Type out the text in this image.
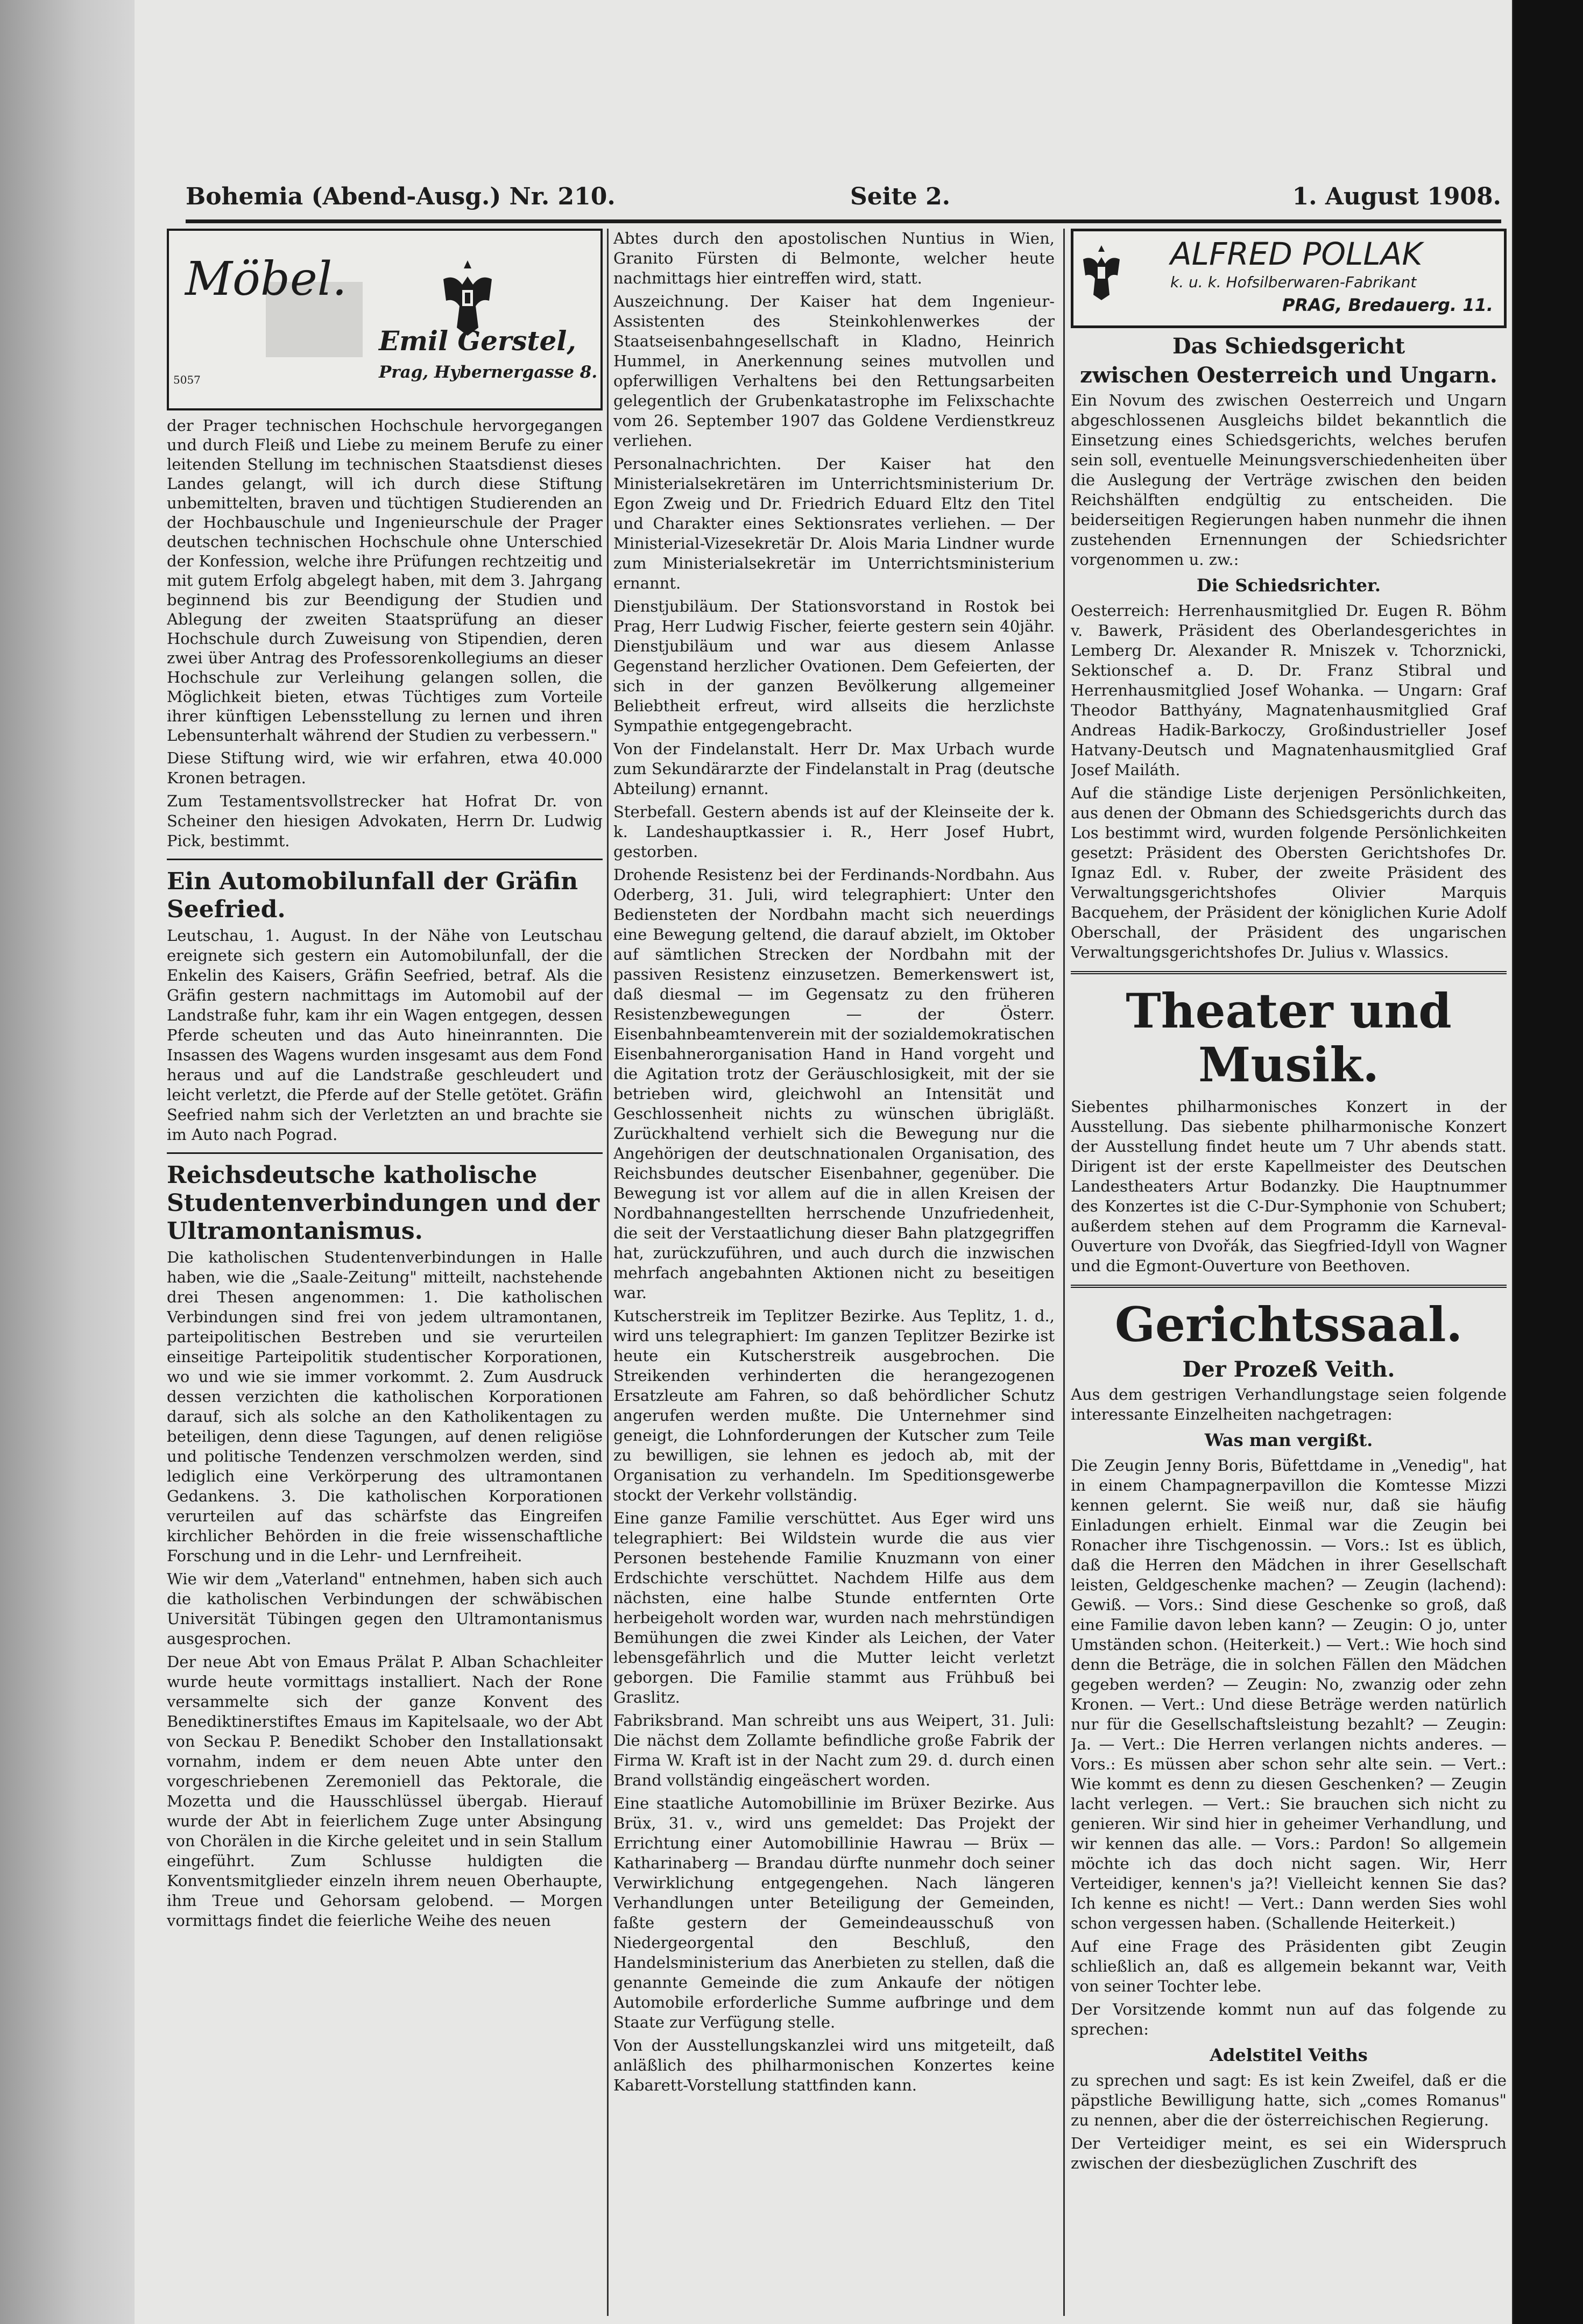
Bohemia (Abend-Ausg.) Nr. 210.	Seite 2.	1. August 1908.
Möbel.
Emil Gerstel,
Prag, Hybernergasse 8.
5057

der Prager technischen Hochschule hervorgegangen und durch Fleiß und Liebe zu meinem Berufe zu einer leitenden Stellung im technischen Staatsdienst dieses Landes gelangt, will ich durch diese Stiftung unbemittelten, braven und tüchtigen Studierenden an der Hochbauschule und Ingenieurschule der Prager deutschen technischen Hochschule ohne Unterschied der Konfession, welche ihre Prüfungen rechtzeitig und mit gutem Erfolg abgelegt haben, mit dem 3. Jahrgang beginnend bis zur Beendigung der Studien und Ablegung der zweiten Staatsprüfung an dieser Hochschule durch Zuweisung von Stipendien, deren zwei über Antrag des Professorenkollegiums an dieser Hochschule zur Verleihung gelangen sollen, die Möglichkeit bieten, etwas Tüchtiges zum Vorteile ihrer künftigen Lebensstellung zu lernen und ihren Lebensunterhalt während der Studien zu verbessern."

Diese Stiftung wird, wie wir erfahren, etwa 40.000 Kronen betragen.

Zum Testamentsvollstrecker hat Hofrat Dr. von Scheiner den hiesigen Advokaten, Herrn Dr. Ludwig Pick, bestimmt.

Ein Automobilunfall der Gräfin Seefried.

Leutschau, 1. August. In der Nähe von Leutschau ereignete sich gestern ein Automobilunfall, der die Enkelin des Kaisers, Gräfin Seefried, betraf. Als die Gräfin gestern nachmittags im Automobil auf der Landstraße fuhr, kam ihr ein Wagen entgegen, dessen Pferde scheuten und das Auto hineinrannten. Die Insassen des Wagens wurden insgesamt aus dem Fond heraus und auf die Landstraße geschleudert und leicht verletzt, die Pferde auf der Stelle getötet. Gräfin Seefried nahm sich der Verletzten an und brachte sie im Auto nach Pograd.

Reichsdeutsche katholische Studentenverbindungen und der Ultramontanismus.

Die katholischen Studentenverbindungen in Halle haben, wie die „Saale-Zeitung" mitteilt, nachstehende drei Thesen angenommen: 1. Die katholischen Verbindungen sind frei von jedem ultramontanen, parteipolitischen Bestreben und sie verurteilen einseitige Parteipolitik studentischer Korporationen, wo und wie sie immer vorkommt. 2. Zum Ausdruck dessen verzichten die katholischen Korporationen darauf, sich als solche an den Katholikentagen zu beteiligen, denn diese Tagungen, auf denen religiöse und politische Tendenzen verschmolzen werden, sind lediglich eine Verkörperung des ultramontanen Gedankens. 3. Die katholischen Korporationen verurteilen auf das schärfste das Eingreifen kirchlicher Behörden in die freie wissenschaftliche Forschung und in die Lehr- und Lernfreiheit.

Wie wir dem „Vaterland" entnehmen, haben sich auch die katholischen Verbindungen der schwäbischen Universität Tübingen gegen den Ultramontanismus ausgesprochen.

Der neue Abt von Emaus Prälat P. Alban Schachleiter wurde heute vormittags installiert. Nach der Rone versammelte sich der ganze Konvent des Benediktinerstiftes Emaus im Kapitelsaale, wo der Abt von Seckau P. Benedikt Schober den Installationsakt vornahm, indem er dem neuen Abte unter den vorgeschriebenen Zeremoniell das Pektorale, die Mozetta und die Hausschlüssel übergab. Hierauf wurde der Abt in feierlichem Zuge unter Absingung von Chorälen in die Kirche geleitet und in sein Stallum eingeführt. Zum Schlusse huldigten die Konventsmitglieder einzeln ihrem neuen Oberhaupte, ihm Treue und Gehorsam gelobend. — Morgen vormittags findet die feierliche Weihe des neuen

Abtes durch den apostolischen Nuntius in Wien, Granito Fürsten di Belmonte, welcher heute nachmittags hier eintreffen wird, statt.

Auszeichnung. Der Kaiser hat dem Ingenieur-Assistenten des Steinkohlenwerkes der Staatseisenbahngesellschaft in Kladno, Heinrich Hummel, in Anerkennung seines mutvollen und opferwilligen Verhaltens bei den Rettungsarbeiten gelegentlich der Grubenkatastrophe im Felixschachte vom 26. September 1907 das Goldene Verdienstkreuz verliehen.

Personalnachrichten. Der Kaiser hat den Ministerialsekretären im Unterrichtsministerium Dr. Egon Zweig und Dr. Friedrich Eduard Eltz den Titel und Charakter eines Sektionsrates verliehen. — Der Ministerial-Vizesekretär Dr. Alois Maria Lindner wurde zum Ministerialsekretär im Unterrichtsministerium ernannt.

Dienstjubiläum. Der Stationsvorstand in Rostok bei Prag, Herr Ludwig Fischer, feierte gestern sein 40jähr. Dienstjubiläum und war aus diesem Anlasse Gegenstand herzlicher Ovationen. Dem Gefeierten, der sich in der ganzen Bevölkerung allgemeiner Beliebtheit erfreut, wird allseits die herzlichste Sympathie entgegengebracht.

Von der Findelanstalt. Herr Dr. Max Urbach wurde zum Sekundärarzte der Findelanstalt in Prag (deutsche Abteilung) ernannt.

Sterbefall. Gestern abends ist auf der Kleinseite der k. k. Landeshauptkassier i. R., Herr Josef Hubrt, gestorben.

Drohende Resistenz bei der Ferdinands-Nordbahn. Aus Oderberg, 31. Juli, wird telegraphiert: Unter den Bediensteten der Nordbahn macht sich neuerdings eine Bewegung geltend, die darauf abzielt, im Oktober auf sämtlichen Strecken der Nordbahn mit der passiven Resistenz einzusetzen. Bemerkenswert ist, daß diesmal — im Gegensatz zu den früheren Resistenzbewegungen — der Österr. Eisenbahnbeamtenverein mit der sozialdemokratischen Eisenbahnerorganisation Hand in Hand vorgeht und die Agitation trotz der Geräuschlosigkeit, mit der sie betrieben wird, gleichwohl an Intensität und Geschlossenheit nichts zu wünschen übrigläßt. Zurückhaltend verhielt sich die Bewegung nur die Angehörigen der deutschnationalen Organisation, des Reichsbundes deutscher Eisenbahner, gegenüber. Die Bewegung ist vor allem auf die in allen Kreisen der Nordbahnangestellten herrschende Unzufriedenheit, die seit der Verstaatlichung dieser Bahn platzgegriffen hat, zurückzuführen, und auch durch die inzwischen mehrfach angebahnten Aktionen nicht zu beseitigen war.

Kutscherstreik im Teplitzer Bezirke. Aus Teplitz, 1. d., wird uns telegraphiert: Im ganzen Teplitzer Bezirke ist heute ein Kutscherstreik ausgebrochen. Die Streikenden verhinderten die herangezogenen Ersatzleute am Fahren, so daß behördlicher Schutz angerufen werden mußte. Die Unternehmer sind geneigt, die Lohnforderungen der Kutscher zum Teile zu bewilligen, sie lehnen es jedoch ab, mit der Organisation zu verhandeln. Im Speditionsgewerbe stockt der Verkehr vollständig.

Eine ganze Familie verschüttet. Aus Eger wird uns telegraphiert: Bei Wildstein wurde die aus vier Personen bestehende Familie Knuzmann von einer Erdschichte verschüttet. Nachdem Hilfe aus dem nächsten, eine halbe Stunde entfernten Orte herbeigeholt worden war, wurden nach mehrstündigen Bemühungen die zwei Kinder als Leichen, der Vater lebensgefährlich und die Mutter leicht verletzt geborgen. Die Familie stammt aus Frühbuß bei Graslitz.

Fabriksbrand. Man schreibt uns aus Weipert, 31. Juli: Die nächst dem Zollamte befindliche große Fabrik der Firma W. Kraft ist in der Nacht zum 29. d. durch einen Brand vollständig eingeäschert worden.

Eine staatliche Automobillinie im Brüxer Bezirke. Aus Brüx, 31. v., wird uns gemeldet: Das Projekt der Errichtung einer Automobillinie Hawrau — Brüx — Katharinaberg — Brandau dürfte nunmehr doch seiner Verwirklichung entgegengehen. Nach längeren Verhandlungen unter Beteiligung der Gemeinden, faßte gestern der Gemeindeausschuß von Niedergeorgental den Beschluß, den Handelsministerium das Anerbieten zu stellen, daß die genannte Gemeinde die zum Ankaufe der nötigen Automobile erforderliche Summe aufbringe und dem Staate zur Verfügung stelle.

Von der Ausstellungskanzlei wird uns mitgeteilt, daß anläßlich des philharmonischen Konzertes keine Kabarett-Vorstellung stattfinden kann.

ALFRED POLLAK
k. u. k. Hofsilberwaren-Fabrikant
PRAG, Bredauerg. 11.
Das Schiedsgericht
zwischen Oesterreich und Ungarn.

Ein Novum des zwischen Oesterreich und Ungarn abgeschlossenen Ausgleichs bildet bekanntlich die Einsetzung eines Schiedsgerichts, welches berufen sein soll, eventuelle Meinungsverschiedenheiten über die Auslegung der Verträge zwischen den beiden Reichshälften endgültig zu entscheiden. Die beiderseitigen Regierungen haben nunmehr die ihnen zustehenden Ernennungen der Schiedsrichter vorgenommen u. zw.:

Die Schiedsrichter.

Oesterreich: Herrenhausmitglied Dr. Eugen R. Böhm v. Bawerk, Präsident des Oberlandesgerichtes in Lemberg Dr. Alexander R. Mniszek v. Tchorznicki, Sektionschef a. D. Dr. Franz Stibral und Herrenhausmitglied Josef Wohanka. — Ungarn: Graf Theodor Batthyány, Magnatenhausmitglied Graf Andreas Hadik-Barkoczy, Großindustrieller Josef Hatvany-Deutsch und Magnatenhausmitglied Graf Josef Mailáth.

Auf die ständige Liste derjenigen Persönlichkeiten, aus denen der Obmann des Schiedsgerichts durch das Los bestimmt wird, wurden folgende Persönlichkeiten gesetzt: Präsident des Obersten Gerichtshofes Dr. Ignaz Edl. v. Ruber, der zweite Präsident des Verwaltungsgerichtshofes Olivier Marquis Bacquehem, der Präsident der königlichen Kurie Adolf Oberschall, der Präsident des ungarischen Verwaltungsgerichtshofes Dr. Julius v. Wlassics.

Theater und Musik.

Siebentes philharmonisches Konzert in der Ausstellung. Das siebente philharmonische Konzert der Ausstellung findet heute um 7 Uhr abends statt. Dirigent ist der erste Kapellmeister des Deutschen Landestheaters Artur Bodanzky. Die Hauptnummer des Konzertes ist die C-Dur-Symphonie von Schubert; außerdem stehen auf dem Programm die Karneval-Ouverture von Dvořák, das Siegfried-Idyll von Wagner und die Egmont-Ouverture von Beethoven.

Gerichtssaal.
Der Prozeß Veith.

Aus dem gestrigen Verhandlungstage seien folgende interessante Einzelheiten nachgetragen:

Was man vergißt.

Die Zeugin Jenny Boris, Büfettdame in „Venedig", hat in einem Champagnerpavillon die Komtesse Mizzi kennen gelernt. Sie weiß nur, daß sie häufig Einladungen erhielt. Einmal war die Zeugin bei Ronacher ihre Tischgenossin. — Vors.: Ist es üblich, daß die Herren den Mädchen in ihrer Gesellschaft leisten, Geldgeschenke machen? — Zeugin (lachend): Gewiß. — Vors.: Sind diese Geschenke so groß, daß eine Familie davon leben kann? — Zeugin: O jo, unter Umständen schon. (Heiterkeit.) — Vert.: Wie hoch sind denn die Beträge, die in solchen Fällen den Mädchen gegeben werden? — Zeugin: No, zwanzig oder zehn Kronen. — Vert.: Und diese Beträge werden natürlich nur für die Gesellschaftsleistung bezahlt? — Zeugin: Ja. — Vert.: Die Herren verlangen nichts anderes. — Vors.: Es müssen aber schon sehr alte sein. — Vert.: Wie kommt es denn zu diesen Geschenken? — Zeugin lacht verlegen. — Vert.: Sie brauchen sich nicht zu genieren. Wir sind hier in geheimer Verhandlung, und wir kennen das alle. — Vors.: Pardon! So allgemein möchte ich das doch nicht sagen. Wir, Herr Verteidiger, kennen's ja?! Vielleicht kennen Sie das? Ich kenne es nicht! — Vert.: Dann werden Sies wohl schon vergessen haben. (Schallende Heiterkeit.)

Auf eine Frage des Präsidenten gibt Zeugin schließlich an, daß es allgemein bekannt war, Veith von seiner Tochter lebe.

Der Vorsitzende kommt nun auf das folgende zu sprechen:

Adelstitel Veiths

zu sprechen und sagt: Es ist kein Zweifel, daß er die päpstliche Bewilligung hatte, sich „comes Romanus" zu nennen, aber die der österreichischen Regierung.

Der Verteidiger meint, es sei ein Widerspruch zwischen der diesbezüglichen Zuschrift des
